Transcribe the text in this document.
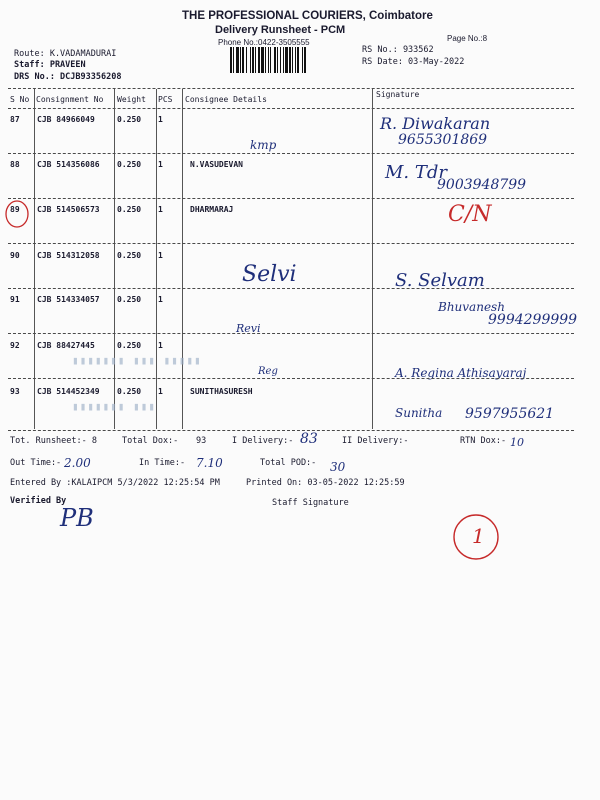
THE PROFESSIONAL COURIERS, Coimbatore
Delivery Runsheet - PCM
Phone No.:0422-3505555	Page No.:8
Route: K.VADAMADURAI
Staff: PRAVEEN
DRS No.: DCJB93356208
RS No.: 933562
RS Date: 03-May-2022
S No Consignment No Weight PCS Consignee Details
Signature
87 CJB 84966049	0.250 1
kmp
R. Diwakaran
9655301869
88 CJB 514356086 0.250 1	N.VASUDEVAN	M. Tdr
9003948799
89 CJB 514506573 0.250 1	DHARMARAJ	C/N
90 CJB 514312058 0.250 1
Selvi	S. Selvam
91 CJB 514334057 0.250 1
Revi
Bhuvanesh
9994299999
92 CJB 88427445	0.250 1
Reg	A. Regina Athisayaraj
93 CJB 514452349 0.250 1	SUNITHASURESH
Sunitha 9597955621
▮▮▮▮▮▮▮ ▮▮▮ ▮▮▮▮▮
▮▮▮▮▮▮▮ ▮▮▮
Tot. Runsheet:- 8	Total Dox:- 93	I Delivery:- 83	II Delivery:-	RTN Dox:- 10
Out Time:- 2.00	In Time:- 7.10	Total POD:- 30
Entered By :KALAIPCM 5/3/2022 12:25:54 PM	Printed On: 03-05-2022 12:25:59
Verified By
PB
Staff Signature
1
